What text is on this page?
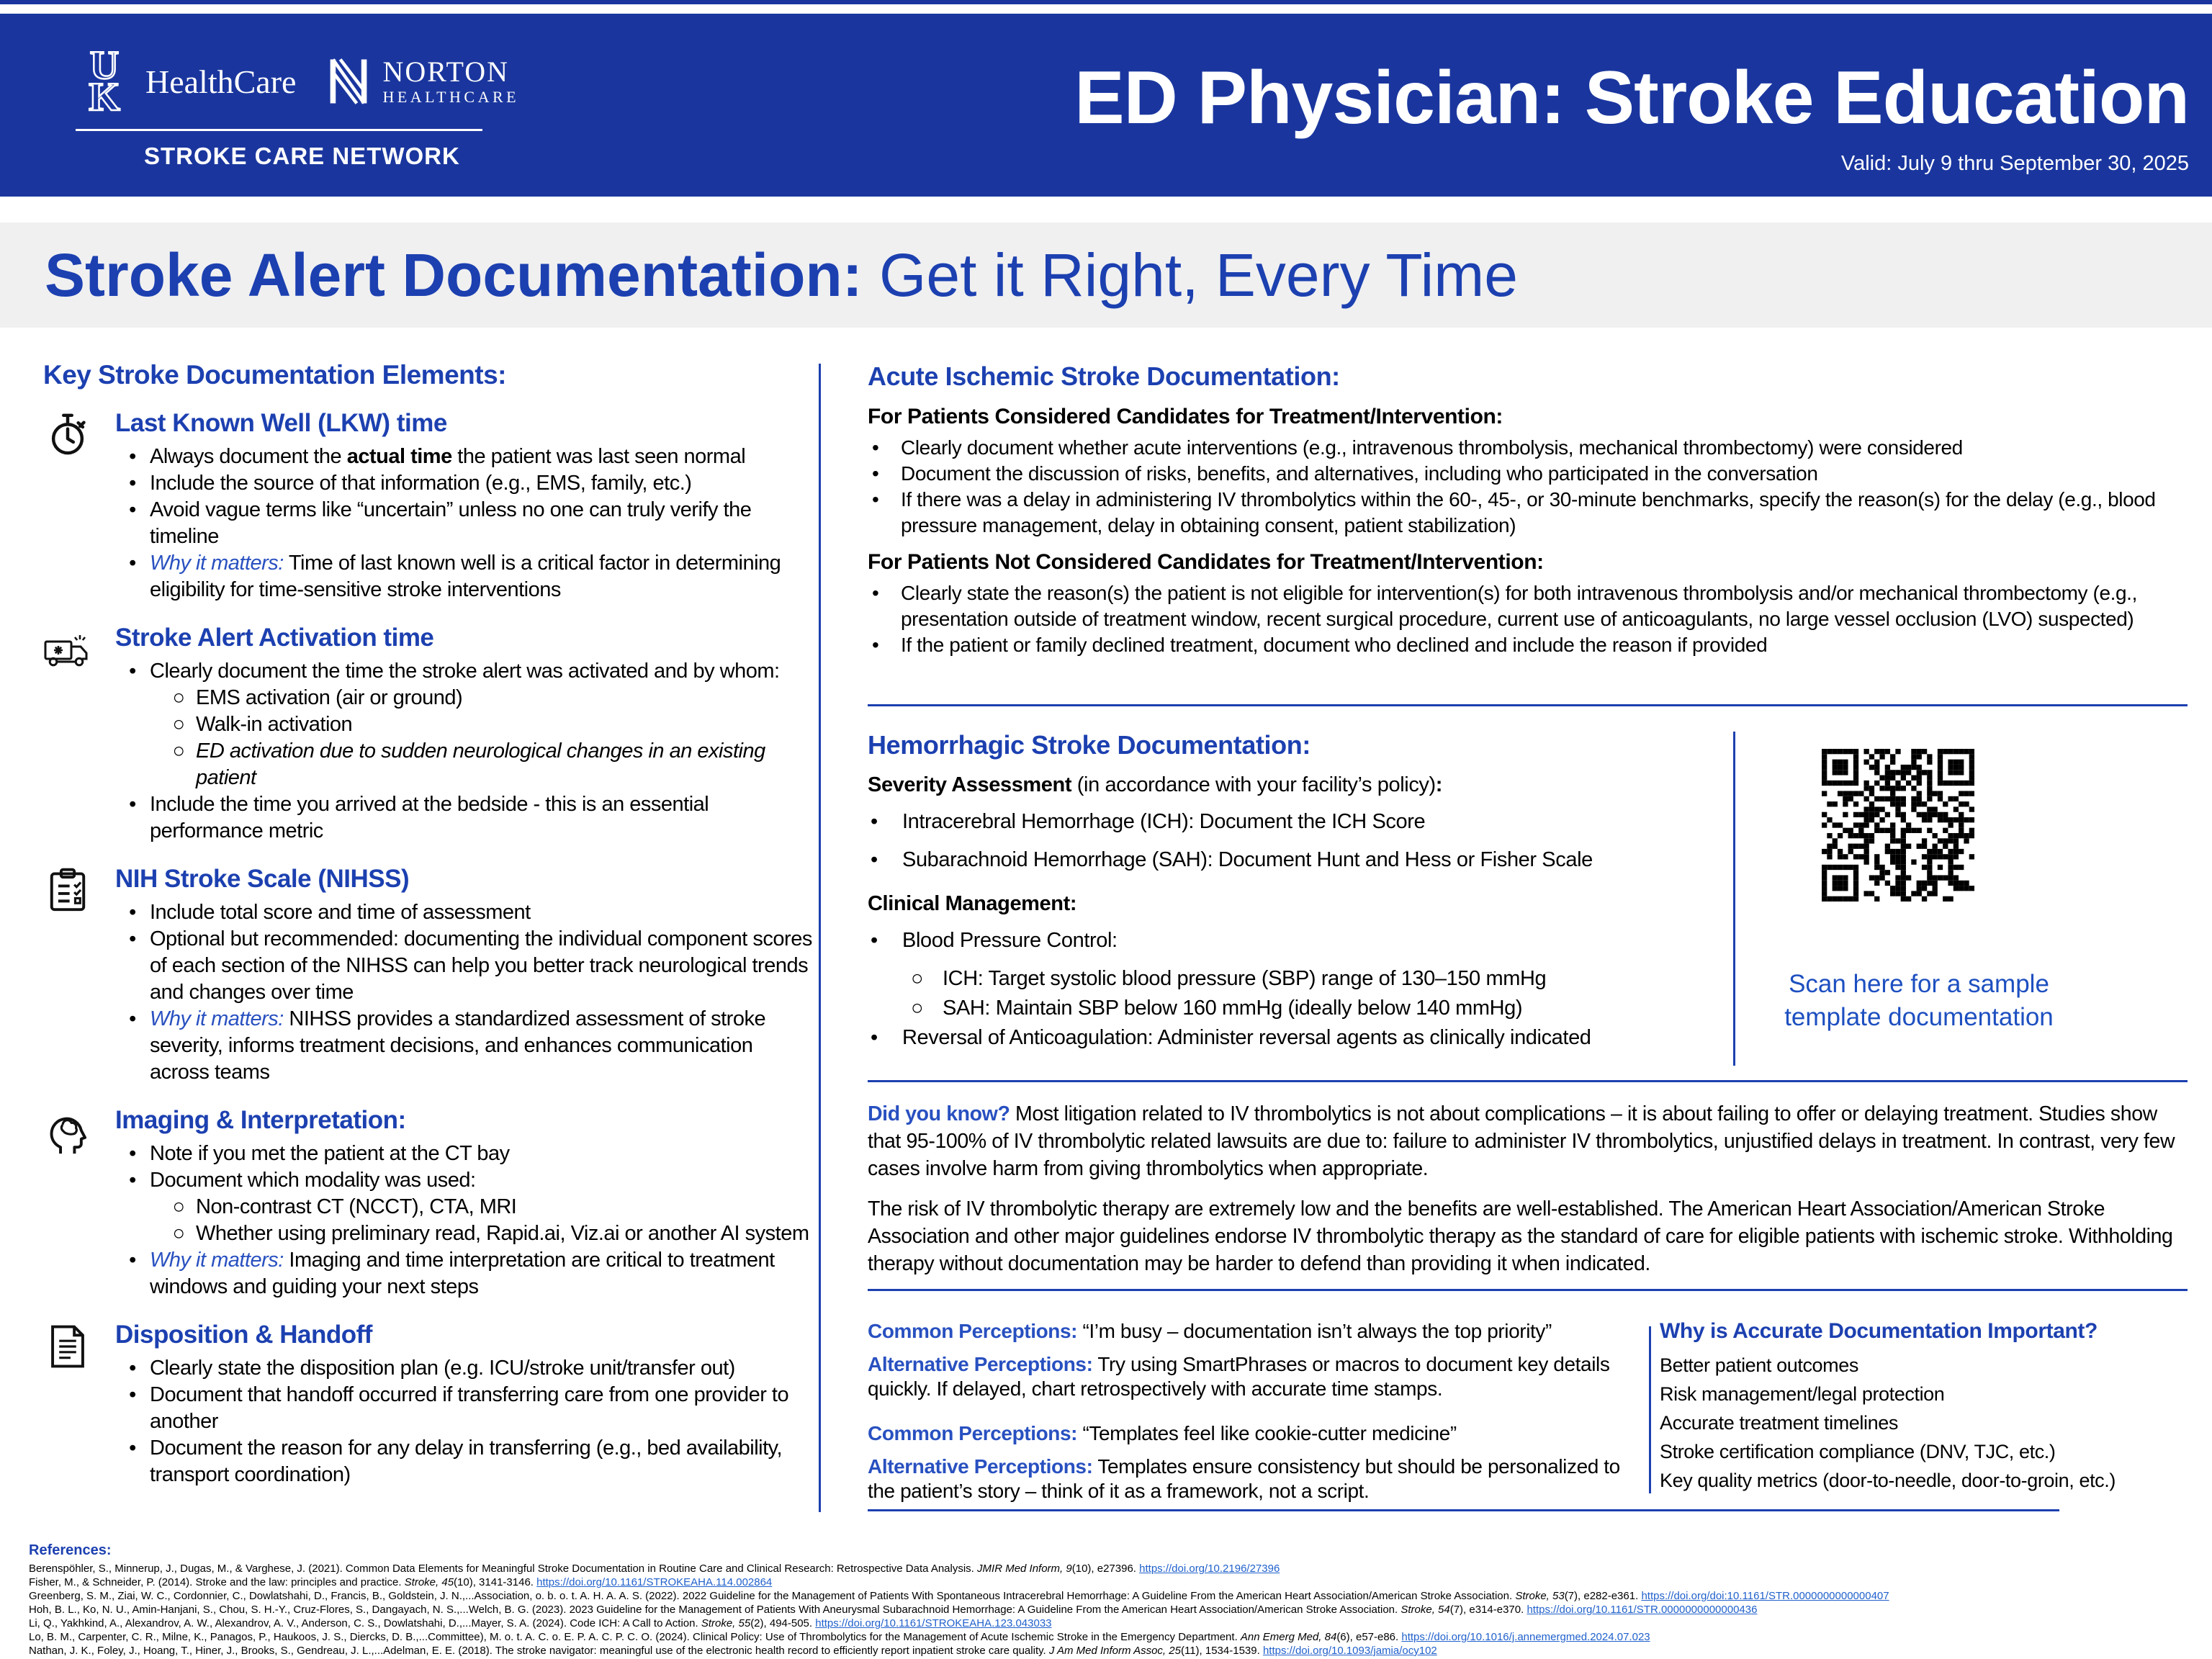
U
K HealthCare	NORTON
HEALTHCARE
STROKE CARE NETWORK
ED Physician: Stroke Education
Valid: July 9 thru September 30, 2025
Stroke Alert Documentation: Get it Right, Every Time
Key Stroke Documentation Elements:
Last Known Well (LKW) time
• Always document the actual time the patient was last seen normal
• Include the source of that information (e.g., EMS, family, etc.)
• Avoid vague terms like “uncertain” unless no one can truly verify the timeline
• Why it matters: Time of last known well is a critical factor in determining eligibility for time-sensitive stroke interventions
Stroke Alert Activation time
• Clearly document the time the stroke alert was activated and by whom:
○ EMS activation (air or ground)
○ Walk-in activation
○ ED activation due to sudden neurological changes in an existing patient
• Include the time you arrived at the bedside - this is an essential performance metric
NIH Stroke Scale (NIHSS)
• Include total score and time of assessment
• Optional but recommended: documenting the individual component scores of each section of the NIHSS can help you better track neurological trends and changes over time
• Why it matters: NIHSS provides a standardized assessment of stroke severity, informs treatment decisions, and enhances communication across teams
Imaging & Interpretation:
• Note if you met the patient at the CT bay
• Document which modality was used:
○ Non-contrast CT (NCCT), CTA, MRI
○ Whether using preliminary read, Rapid.ai, Viz.ai or another AI system
• Why it matters: Imaging and time interpretation are critical to treatment windows and guiding your next steps
Disposition & Handoff
• Clearly state the disposition plan (e.g. ICU/stroke unit/transfer out)
• Document that handoff occurred if transferring care from one provider to another
• Document the reason for any delay in transferring (e.g., bed availability, transport coordination)
Acute Ischemic Stroke Documentation:
For Patients Considered Candidates for Treatment/Intervention:
•	Clearly document whether acute interventions (e.g., intravenous thrombolysis, mechanical thrombectomy) were considered
•	Document the discussion of risks, benefits, and alternatives, including who participated in the conversation
•	If there was a delay in administering IV thrombolytics within the 60-, 45-, or 30-minute benchmarks, specify the reason(s) for the delay (e.g., blood pressure management, delay in obtaining consent, patient stabilization)
For Patients Not Considered Candidates for Treatment/Intervention:
•	Clearly state the reason(s) the patient is not eligible for intervention(s) for both intravenous thrombolysis and/or mechanical thrombectomy (e.g., presentation outside of treatment window, recent surgical procedure, current use of anticoagulants, no large vessel occlusion (LVO) suspected)
•	If the patient or family declined treatment, document who declined and include the reason if provided
Hemorrhagic Stroke Documentation:
Severity Assessment (in accordance with your facility’s policy):
•	Intracerebral Hemorrhage (ICH): Document the ICH Score
•	Subarachnoid Hemorrhage (SAH): Document Hunt and Hess or Fisher Scale
Clinical Management:
•	Blood Pressure Control:
○ ICH: Target systolic blood pressure (SBP) range of 130–150 mmHg
○ SAH: Maintain SBP below 160 mmHg (ideally below 140 mmHg)
•	Reversal of Anticoagulation: Administer reversal agents as clinically indicated
Scan here for a sample template documentation

Did you know? Most litigation related to IV thrombolytics is not about complications – it is about failing to offer or delaying treatment. Studies show that 95-100% of IV thrombolytic related lawsuits are due to: failure to administer IV thrombolytics, unjustified delays in treatment. In contrast, very few cases involve harm from giving thrombolytics when appropriate.

The risk of IV thrombolytic therapy are extremely low and the benefits are well-established. The American Heart Association/American Stroke Association and other major guidelines endorse IV thrombolytic therapy as the standard of care for eligible patients with ischemic stroke. Withholding therapy without documentation may be harder to defend than providing it when indicated.

Common Perceptions: “I’m busy – documentation isn’t always the top priority”

Alternative Perceptions: Try using SmartPhrases or macros to document key details quickly. If delayed, chart retrospectively with accurate time stamps.

Common Perceptions: “Templates feel like cookie-cutter medicine”

Alternative Perceptions: Templates ensure consistency but should be personalized to the patient’s story – think of it as a framework, not a script.

Why is Accurate Documentation Important?
Better patient outcomes
Risk management/legal protection
Accurate treatment timelines
Stroke certification compliance (DNV, TJC, etc.)
Key quality metrics (door-to-needle, door-to-groin, etc.)
References:
Berenspöhler, S., Minnerup, J., Dugas, M., & Varghese, J. (2021). Common Data Elements for Meaningful Stroke Documentation in Routine Care and Clinical Research: Retrospective Data Analysis. JMIR Med Inform, 9(10), e27396. https://doi.org/10.2196/27396
Fisher, M., & Schneider, P. (2014). Stroke and the law: principles and practice. Stroke, 45(10), 3141-3146. https://doi.org/10.1161/STROKEAHA.114.002864
Greenberg, S. M., Ziai, W. C., Cordonnier, C., Dowlatshahi, D., Francis, B., Goldstein, J. N.,...Association, o. b. o. t. A. H. A. A. S. (2022). 2022 Guideline for the Management of Patients With Spontaneous Intracerebral Hemorrhage: A Guideline From the American Heart Association/American Stroke Association. Stroke, 53(7), e282-e361. https://doi.org/doi:10.1161/STR.0000000000000407
Hoh, B. L., Ko, N. U., Amin-Hanjani, S., Chou, S. H.-Y., Cruz-Flores, S., Dangayach, N. S.,...Welch, B. G. (2023). 2023 Guideline for the Management of Patients With Aneurysmal Subarachnoid Hemorrhage: A Guideline From the American Heart Association/American Stroke Association. Stroke, 54(7), e314-e370. https://doi.org/10.1161/STR.0000000000000436
Li, Q., Yakhkind, A., Alexandrov, A. W., Alexandrov, A. V., Anderson, C. S., Dowlatshahi, D.,...Mayer, S. A. (2024). Code ICH: A Call to Action. Stroke, 55(2), 494-505. https://doi.org/10.1161/STROKEAHA.123.043033
Lo, B. M., Carpenter, C. R., Milne, K., Panagos, P., Haukoos, J. S., Diercks, D. B.,...Committee), M. o. t. A. C. o. E. P. A. C. P. C. O. (2024). Clinical Policy: Use of Thrombolytics for the Management of Acute Ischemic Stroke in the Emergency Department. Ann Emerg Med, 84(6), e57-e86. https://doi.org/10.1016/j.annemergmed.2024.07.023
Nathan, J. K., Foley, J., Hoang, T., Hiner, J., Brooks, S., Gendreau, J. L.,...Adelman, E. E. (2018). The stroke navigator: meaningful use of the electronic health record to efficiently report inpatient stroke care quality. J Am Med Inform Assoc, 25(11), 1534-1539. https://doi.org/10.1093/jamia/ocy102
